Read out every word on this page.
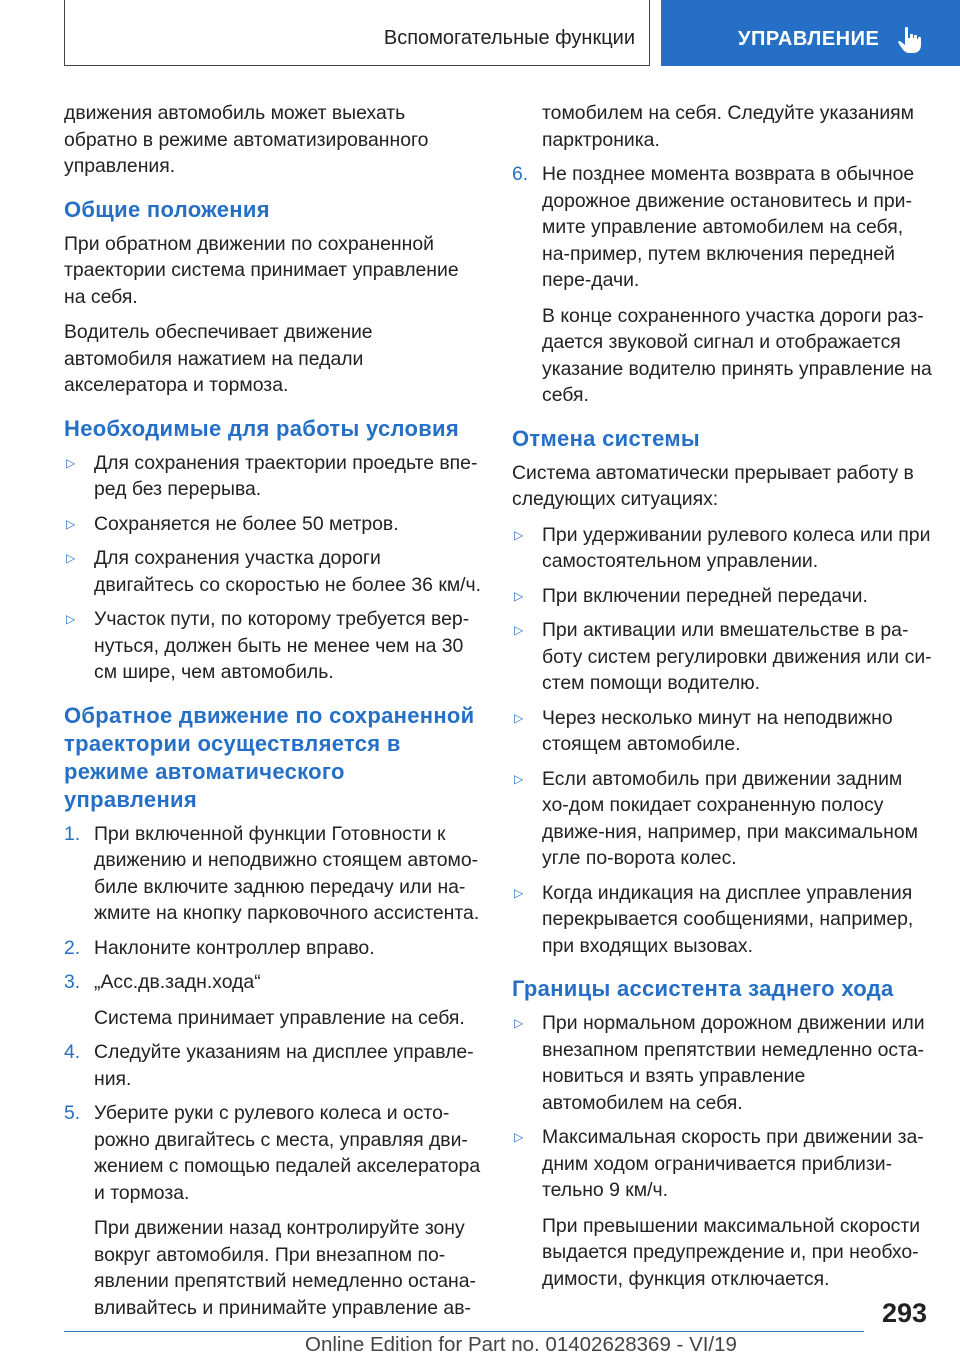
Вспомогательные функции	УПРАВЛЕНИЕ

движения автомобиль может выехать обратно в режиме автоматизированного управления.

Общие положения

При обратном движении по сохраненной траектории система принимает управление на себя.

Водитель обеспечивает движение автомобиля нажатием на педали акселератора и тормоза.

Необходимые для работы условия
▷ Для сохранения траектории проедьте впе-ред без перерыва.
▷ Сохраняется не более 50 метров.
▷ Для сохранения участка дороги двигайтесь со скоростью не более 36 км/ч.
▷ Участок пути, по которому требуется вер-нуться, должен быть не менее чем на 30 см шире, чем автомобиль.
Обратное движение по сохраненной траектории осуществляется в режиме автоматического управления
1. При включенной функции Готовности к движению и неподвижно стоящем автомо-биле включите заднюю передачу или на-жмите на кнопку парковочного ассистента.
2. Наклоните контроллер вправо.
3. „Асс.дв.задн.хода“
Система принимает управление на себя.
4. Следуйте указаниям на дисплее управле-ния.
5. Уберите руки с рулевого колеса и осто-рожно двигайтесь с места, управляя дви-жением с помощью педалей акселератора и тормоза.
При движении назад контролируйте зону вокруг автомобиля. При внезапном по-явлении препятствий немедленно остана-вливайтесь и принимайте управление ав-
томобилем на себя. Следуйте указаниям парктроника.
6. Не позднее момента возврата в обычное дорожное движение остановитесь и при-мите управление автомобилем на себя, на-пример, путем включения передней пере-дачи.
В конце сохраненного участка дороги раз-дается звуковой сигнал и отображается указание водителю принять управление на себя.
Отмена системы

Система автоматически прерывает работу в следующих ситуациях:

▷ При удерживании рулевого колеса или при самостоятельном управлении.
▷ При включении передней передачи.
▷ При активации или вмешательстве в ра-боту систем регулировки движения или си-стем помощи водителю.
▷ Через несколько минут на неподвижно стоящем автомобиле.
▷ Если автомобиль при движении задним хо-дом покидает сохраненную полосу движе-ния, например, при максимальном угле по-ворота колес.
▷ Когда индикация на дисплее управления перекрывается сообщениями, например, при входящих вызовах.
Границы ассистента заднего хода
▷ При нормальном дорожном движении или внезапном препятствии немедленно оста-новиться и взять управление автомобилем на себя.
▷ Максимальная скорость при движении за-дним ходом ограничивается приблизи-тельно 9 км/ч.
При превышении максимальной скорости выдается предупреждение и, при необхо-димости, функция отключается.
293
Online Edition for Part no. 01402628369 - VI/19
